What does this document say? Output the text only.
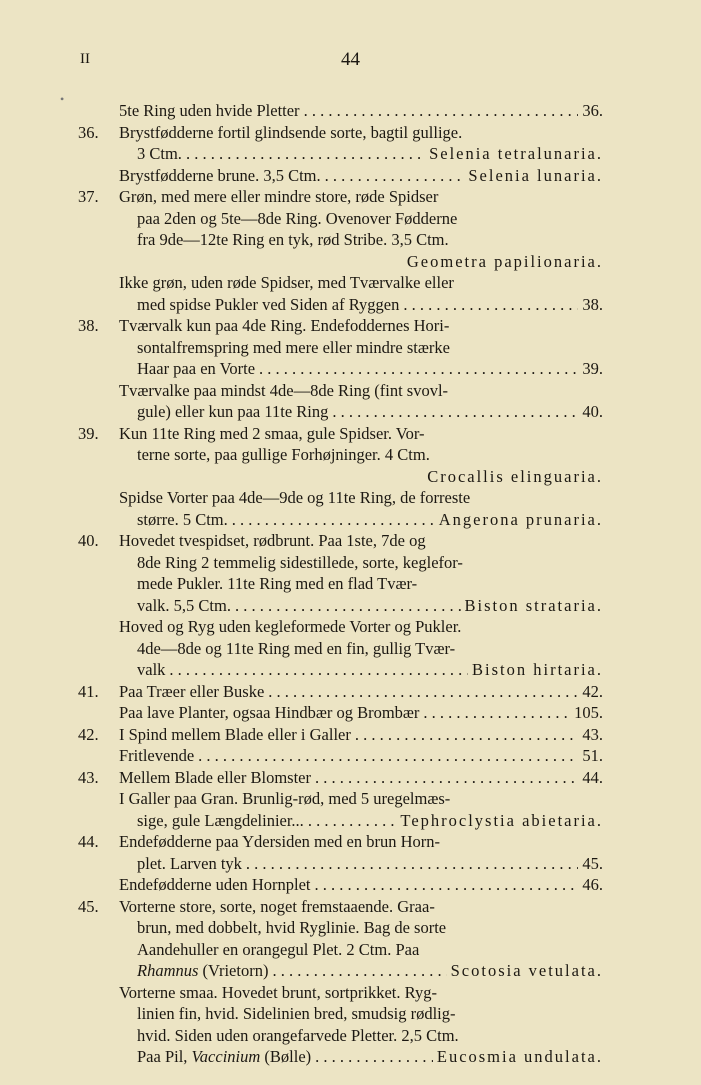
II	44
•
5te Ring uden hvide Pletter . . .	36.
36.	Brystfødderne fortil glindsende sorte, bagtil gullige.
3 Ctm. . . .	Selenia tetralunaria.
Brystfødderne brune. 3,5 Ctm. . . .	Selenia lunaria.
37.	Grøn, med mere eller mindre store, røde Spidser
paa 2den og 5te—8de Ring. Ovenover Fødderne
fra 9de—12te Ring en tyk, rød Stribe. 3,5 Ctm.
Geometra papilionaria.
Ikke grøn, uden røde Spidser, med Tværvalke eller
med spidse Pukler ved Siden af Ryggen . . .	38.
38.	Tværvalk kun paa 4de Ring. Endefoddernes Hori-
sontalfremspring med mere eller mindre stærke
Haar paa en Vorte . . .	39.
Tværvalke paa mindst 4de—8de Ring (fint svovl-
gule) eller kun paa 11te Ring . . .	40.
39.	Kun 11te Ring med 2 smaa, gule Spidser. Vor-
terne sorte, paa gullige Forhøjninger. 4 Ctm.
Crocallis elinguaria.
Spidse Vorter paa 4de—9de og 11te Ring, de forreste
større. 5 Ctm. . . .	Angerona prunaria.
40.	Hovedet tvespidset, rødbrunt. Paa 1ste, 7de og
8de Ring 2 temmelig sidestillede, sorte, keglefor-
mede Pukler. 11te Ring med en flad Tvær-
valk. 5,5 Ctm. . . .	Biston strataria.
Hoved og Ryg uden kegleformede Vorter og Pukler.
4de—8de og 11te Ring med en fin, gullig Tvær-
valk . . .	Biston hirtaria.
41.	Paa Træer eller Buske . . .	42.
Paa lave Planter, ogsaa Hindbær og Brombær . . .	105.
42.	I Spind mellem Blade eller i Galler . . .	43.
Fritlevende . . .	51.
43.	Mellem Blade eller Blomster . . .	44.
I Galler paa Gran. Brunlig-rød, med 5 uregelmæs-
sige, gule Længdelinier... . . .	Tephroclystia abietaria.
44.	Endefødderne paa Ydersiden med en brun Horn-
plet. Larven tyk . . .	45.
Endefødderne uden Hornplet . . .	46.
45.	Vorterne store, sorte, noget fremstaaende. Graa-
brun, med dobbelt, hvid Ryglinie. Bag de sorte
Aandehuller en orangegul Plet. 2 Ctm. Paa
Rhamnus (Vrietorn) . . .	Scotosia vetulata.
Vorterne smaa. Hovedet brunt, sortprikket. Ryg-
linien fin, hvid. Sidelinien bred, smudsig rødlig-
hvid. Siden uden orangefarvede Pletter. 2,5 Ctm.
Paa Pil, Vaccinium (Bølle) . . .	Eucosmia undulata.
